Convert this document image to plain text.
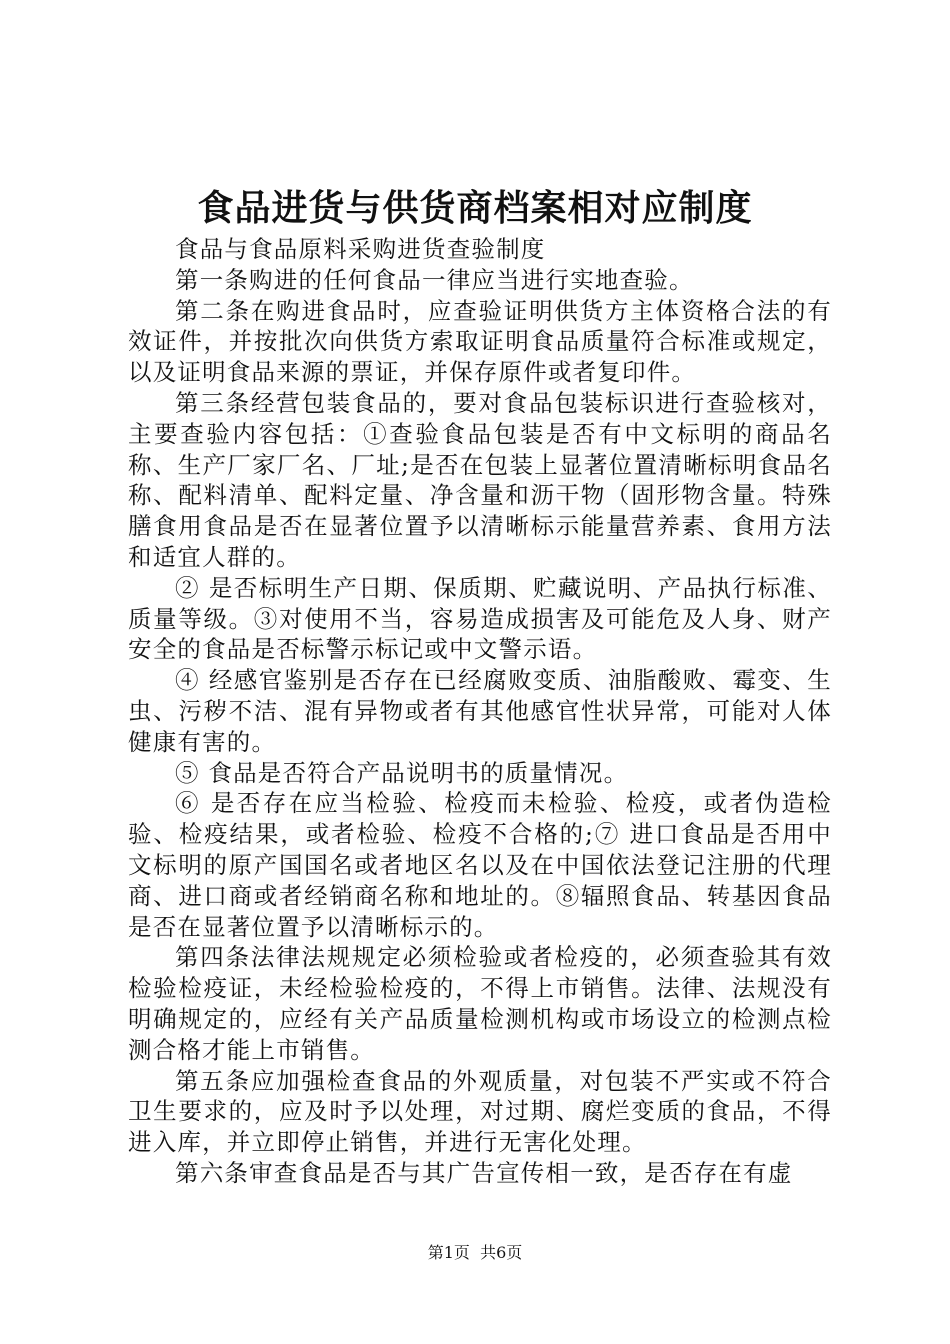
食品进货与供货商档案相对应制度

食品与食品原料采购进货查验制度

第一条购进的任何食品一律应当进行实地查验。

第二条在购进食品时，应查验证明供货方主体资格合法的有效证件，并按批次向供货方索取证明食品质量符合标准或规定，以及证明食品来源的票证，并保存原件或者复印件。

第三条经营包装食品的，要对食品包装标识进行查验核对，主要查验内容包括：①查验食品包装是否有中文标明的商品名称、生产厂家厂名、厂址;是否在包装上显著位置清晰标明食品名称、配料清单、配料定量、净含量和沥干物（固形物含量。特殊膳食用食品是否在显著位置予以清晰标示能量营养素、食用方法和适宜人群的。

② 是否标明生产日期、保质期、贮藏说明、产品执行标准、质量等级。③对使用不当，容易造成损害及可能危及人身、财产安全的食品是否标警示标记或中文警示语。

④ 经感官鉴别是否存在已经腐败变质、油脂酸败、霉变、生虫、污秽不洁、混有异物或者有其他感官性状异常，可能对人体健康有害的。

⑤ 食品是否符合产品说明书的质量情况。

⑥ 是否存在应当检验、检疫而未检验、检疫，或者伪造检验、检疫结果，或者检验、检疫不合格的;⑦ 进口食品是否用中文标明的原产国国名或者地区名以及在中国依法登记注册的代理商、进口商或者经销商名称和地址的。⑧辐照食品、转基因食品是否在显著位置予以清晰标示的。

第四条法律法规规定必须检验或者检疫的，必须查验其有效检验检疫证，未经检验检疫的，不得上市销售。法律、法规没有明确规定的，应经有关产品质量检测机构或市场设立的检测点检测合格才能上市销售。

第五条应加强检查食品的外观质量，对包装不严实或不符合卫生要求的，应及时予以处理，对过期、腐烂变质的食品，不得进入库，并立即停止销售，并进行无害化处理。

第六条审查食品是否与其广告宣传相一致，是否存在有虚

第1页  共6页
